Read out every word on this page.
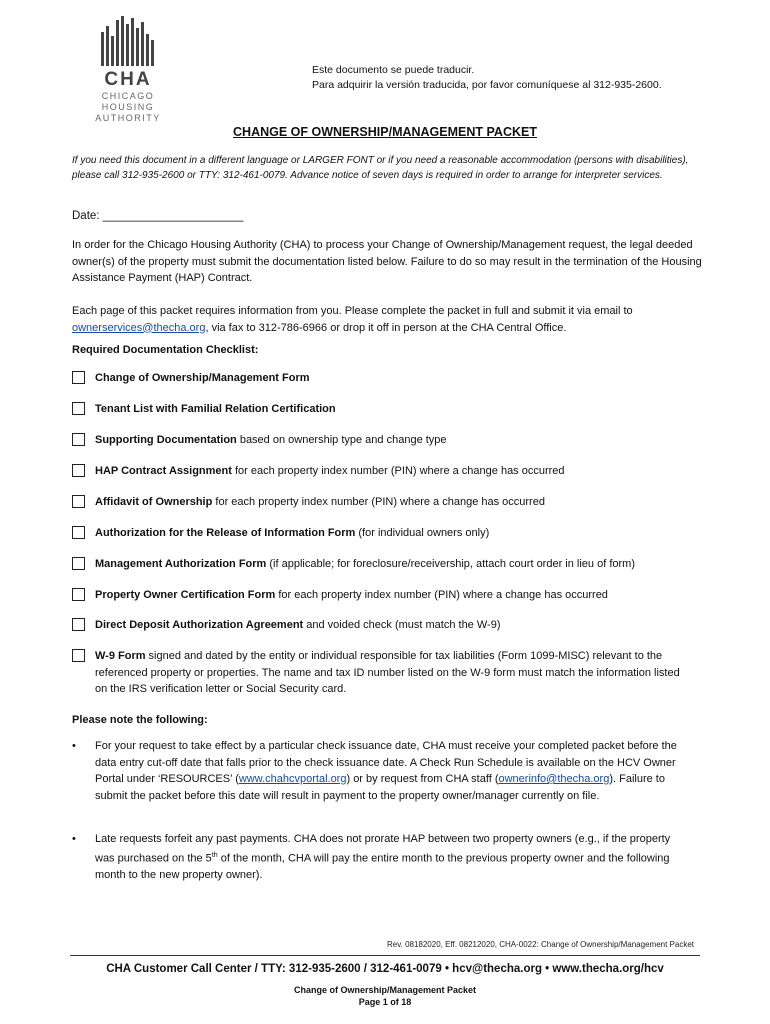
CHA
CHICAGO HOUSING
AUTHORITY
Este documento se puede traducir.
Para adquirir la versión traducida, por favor comuníquese al 312-935-2600.
CHANGE OF OWNERSHIP/MANAGEMENT PACKET
If you need this document in a different language or LARGER FONT or if you need a reasonable accommodation (persons with disabilities), please call 312-935-2600 or TTY: 312-461-0079. Advance notice of seven days is required in order to arrange for interpreter services.
Date: ______________________
In order for the Chicago Housing Authority (CHA) to process your Change of Ownership/Management request, the legal deeded owner(s) of the property must submit the documentation listed below. Failure to do so may result in the termination of the Housing Assistance Payment (HAP) Contract.
Each page of this packet requires information from you. Please complete the packet in full and submit it via email to ownerservices@thecha.org, via fax to 312-786-6966 or drop it off in person at the CHA Central Office.
Required Documentation Checklist:
Change of Ownership/Management Form
Tenant List with Familial Relation Certification
Supporting Documentation based on ownership type and change type
HAP Contract Assignment for each property index number (PIN) where a change has occurred
Affidavit of Ownership for each property index number (PIN) where a change has occurred
Authorization for the Release of Information Form (for individual owners only)
Management Authorization Form (if applicable; for foreclosure/receivership, attach court order in lieu of form)
Property Owner Certification Form for each property index number (PIN) where a change has occurred
Direct Deposit Authorization Agreement and voided check (must match the W-9)
W-9 Form signed and dated by the entity or individual responsible for tax liabilities (Form 1099-MISC) relevant to the referenced property or properties. The name and tax ID number listed on the W-9 form must match the information listed on the IRS verification letter or Social Security card.
Please note the following:
• For your request to take effect by a particular check issuance date, CHA must receive your completed packet before the data entry cut-off date that falls prior to the check issuance date. A Check Run Schedule is available on the HCV Owner Portal under ‘RESOURCES’ (www.chahcvportal.org) or by request from CHA staff (ownerinfo@thecha.org). Failure to submit the packet before this date will result in payment to the property owner/manager currently on file.
• Late requests forfeit any past payments. CHA does not prorate HAP between two property owners (e.g., if the property was purchased on the 5th of the month, CHA will pay the entire month to the previous property owner and the following month to the new property owner).
Rev. 08182020, Eff. 08212020, CHA-0022: Change of Ownership/Management Packet
CHA Customer Call Center / TTY: 312-935-2600 / 312-461-0079 • hcv@thecha.org • www.thecha.org/hcv
Change of Ownership/Management Packet
Page 1 of 18
